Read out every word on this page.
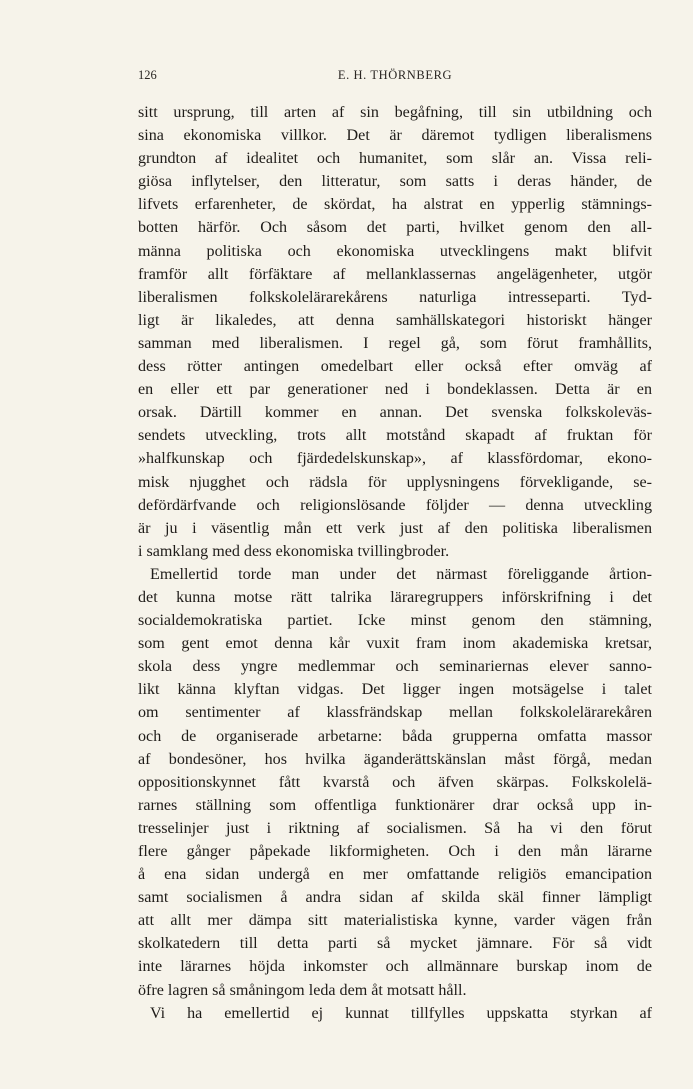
126	E. H. THÖRNBERG
sitt ursprung, till arten af sin begåfning, till sin utbildning och
sina ekonomiska villkor. Det är däremot tydligen liberalismens
grundton af idealitet och humanitet, som slår an. Vissa reli-
giösa inflytelser, den litteratur, som satts i deras händer, de
lifvets erfarenheter, de skördat, ha alstrat en ypperlig stämnings-
botten härför. Och såsom det parti, hvilket genom den all-
männa politiska och ekonomiska utvecklingens makt blifvit
framför allt förfäktare af mellanklassernas angelägenheter, utgör
liberalismen folkskolelärarekårens naturliga intresseparti. Tyd-
ligt är likaledes, att denna samhällskategori historiskt hänger
samman med liberalismen. I regel gå, som förut framhållits,
dess rötter antingen omedelbart eller också efter omväg af
en eller ett par generationer ned i bondeklassen. Detta är en
orsak. Därtill kommer en annan. Det svenska folkskoleväs-
sendets utveckling, trots allt motstånd skapadt af fruktan för
»halfkunskap och fjärdedelskunskap», af klassfördomar, ekono-
misk njugghet och rädsla för upplysningens förvekligande, se-
defördärfvande och religionslösande följder — denna utveckling
är ju i väsentlig mån ett verk just af den politiska liberalismen
i samklang med dess ekonomiska tvillingbroder.
Emellertid torde man under det närmast föreliggande årtion-
det kunna motse rätt talrika läraregruppers införskrifning i det
socialdemokratiska partiet. Icke minst genom den stämning,
som gent emot denna kår vuxit fram inom akademiska kretsar,
skola dess yngre medlemmar och seminariernas elever sanno-
likt känna klyftan vidgas. Det ligger ingen motsägelse i talet
om sentimenter af klassfrändskap mellan folkskolelärarekåren
och de organiserade arbetarne: båda grupperna omfatta massor
af bondesöner, hos hvilka äganderättskänslan måst förgå, medan
oppositionskynnet fått kvarstå och äfven skärpas. Folkskolelä-
rarnes ställning som offentliga funktionärer drar också upp in-
tresselinjer just i riktning af socialismen. Så ha vi den förut
flere gånger påpekade likformigheten. Och i den mån lärarne
å ena sidan undergå en mer omfattande religiös emancipation
samt socialismen å andra sidan af skilda skäl finner lämpligt
att allt mer dämpa sitt materialistiska kynne, varder vägen från
skolkatedern till detta parti så mycket jämnare. För så vidt
inte lärarnes höjda inkomster och allmännare burskap inom de
öfre lagren så småningom leda dem åt motsatt håll.
Vi ha emellertid ej kunnat tillfylles uppskatta styrkan af
